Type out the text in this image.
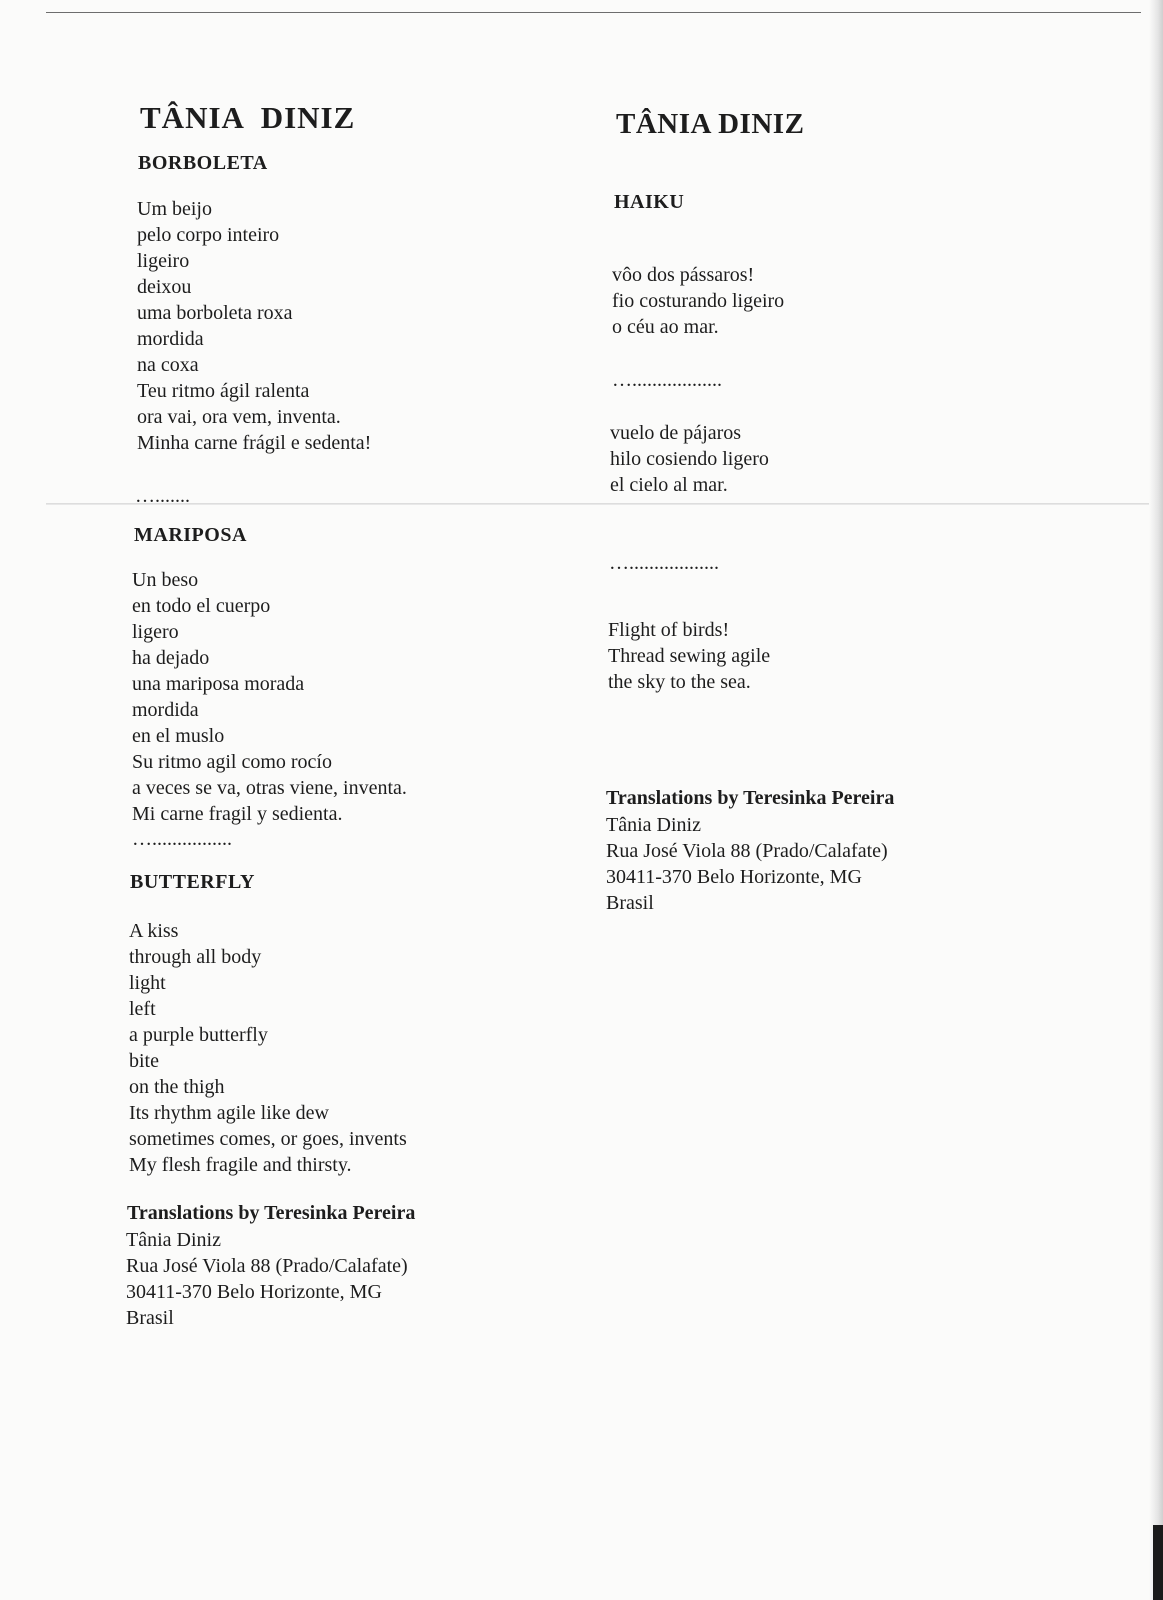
TÂNIA  DINIZ
BORBOLETA
Um beijo
pelo corpo inteiro
ligeiro
deixou
uma borboleta roxa
mordida
na coxa
Teu ritmo ágil ralenta
ora vai, ora vem, inventa.
Minha carne frágil e sedenta!

….......

MARIPOSA
Un beso
en todo el cuerpo
ligero
ha dejado
una mariposa morada
mordida
en el muslo
Su ritmo agil como rocío
a veces se va, otras viene, inventa.
Mi carne fragil y sedienta.

…................

BUTTERFLY
A kiss
through all body
light
left
a purple butterfly
bite
on the thigh
Its rhythm agile like dew
sometimes comes, or goes, invents
My flesh fragile and thirsty.

Translations by Teresinka Pereira

Tânia Diniz
Rua José Viola 88 (Prado/Calafate)
30411-370 Belo Horizonte, MG
Brasil
TÂNIA DINIZ
HAIKU
vôo dos pássaros!
fio costurando ligeiro
o céu ao mar.

…..................

vuelo de pájaros
hilo cosiendo ligero
el cielo al mar.

…..................

Flight of birds!
Thread sewing agile
the sky to the sea.

Translations by Teresinka Pereira

Tânia Diniz
Rua José Viola 88 (Prado/Calafate)
30411-370 Belo Horizonte, MG
Brasil
